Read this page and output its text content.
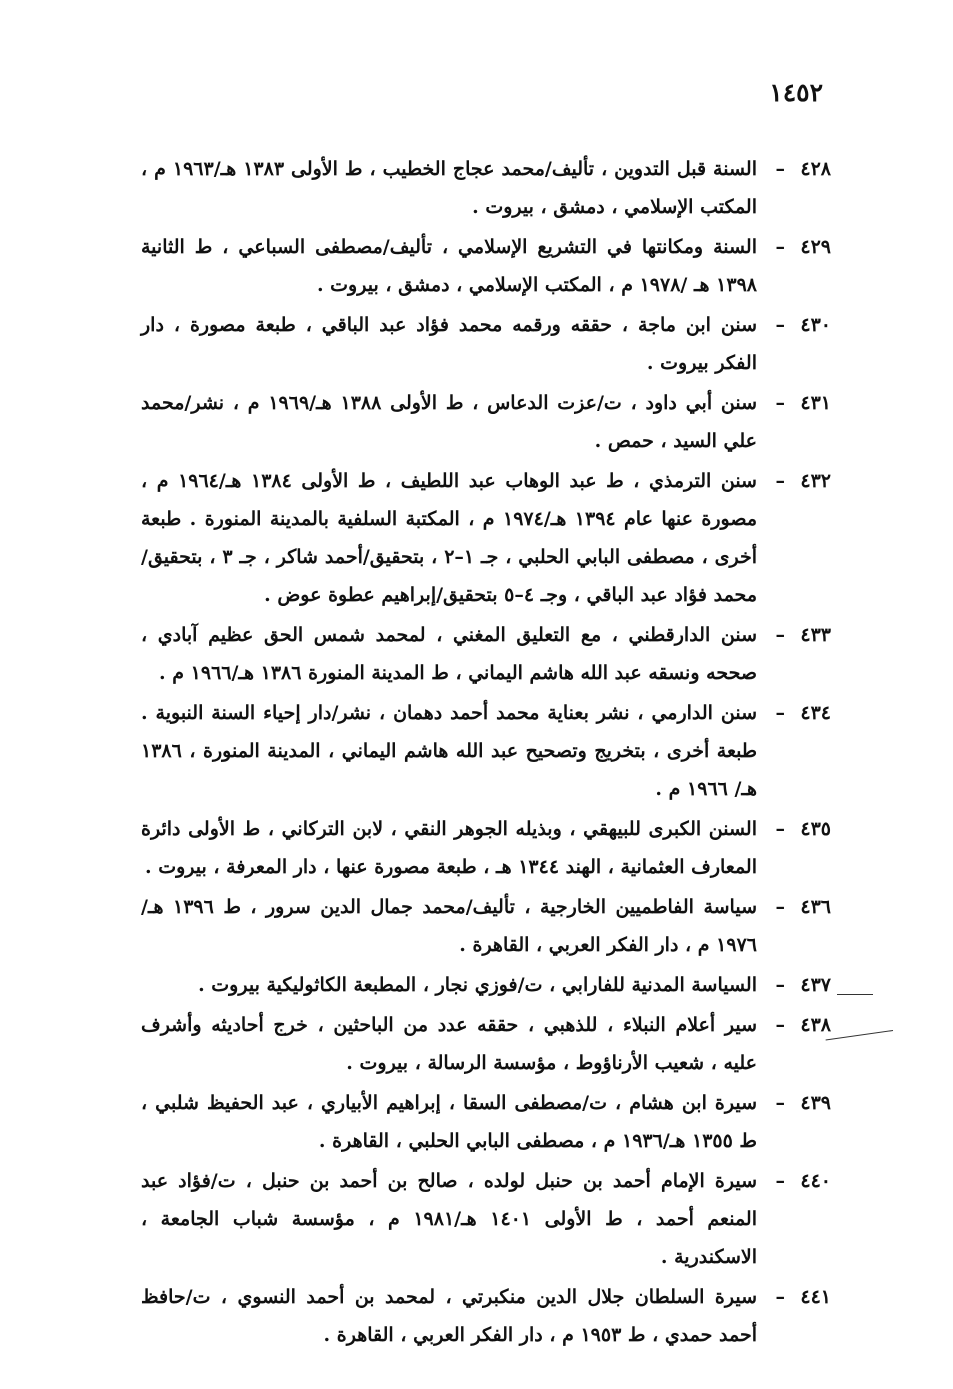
١٤٥٢
٤٢٨
–
السنة قبل التدوين ، تأليف/محمد عجاج الخطيب ، ط الأولى ١٣٨٣ هـ/١٩٦٣ م ، المكتب الإسلامي ، دمشق ، بيروت .
٤٢٩
–
السنة ومكانتها في التشريع الإسلامي ، تأليف/مصطفى السباعي ، ط الثانية ١٣٩٨ هـ /١٩٧٨ م ، المكتب الإسلامي ، دمشق ، بيروت .
٤٣٠
–
سنن ابن ماجة ، حققه ورقمه محمد فؤاد عبد الباقي ، طبعة مصورة ، دار الفكر بيروت .
٤٣١
–
سنن أبي داود ، ت/عزت الدعاس ، ط الأولى ١٣٨٨ هـ/١٩٦٩ م ، نشر/محمد علي السيد ، حمص .
٤٣٢
–
سنن الترمذي ، ط عبد الوهاب عبد اللطيف ، ط الأولى ١٣٨٤ هـ/١٩٦٤ م ، مصورة عنها عام ١٣٩٤ هـ/١٩٧٤ م ، المكتبة السلفية بالمدينة المنورة . طبعة أخرى ، مصطفى البابي الحلبي ، جـ ١–٢ ، بتحقيق/أحمد شاكر ، جـ ٣ ، بتحقيق/محمد فؤاد عبد الباقي ، وجـ ٤–٥ بتحقيق/إبراهيم عطوة عوض .
٤٣٣
–
سنن الدارقطني ، مع التعليق المغني ، لمحمد شمس الحق عظيم آبادي ، صححه ونسقه عبد الله هاشم اليماني ، ط المدينة المنورة ١٣٨٦ هـ/١٩٦٦ م .
٤٣٤
–
سنن الدارمي ، نشر بعناية محمد أحمد دهمان ، نشر/دار إحياء السنة النبوية . طبعة أخرى ، بتخريج وتصحيح عبد الله هاشم اليماني ، المدينة المنورة ، ١٣٨٦ هـ/ ١٩٦٦ م .
٤٣٥
–
السنن الكبرى للبيهقي ، وبذيله الجوهر النقي ، لابن التركاني ، ط الأولى دائرة المعارف العثمانية ، الهند ١٣٤٤ هـ ، طبعة مصورة عنها ، دار المعرفة ، بيروت .
٤٣٦
–
سياسة الفاطميين الخارجية ، تأليف/محمد جمال الدين سرور ، ط ١٣٩٦ هـ/ ١٩٧٦ م ، دار الفكر العربي ، القاهرة .
٤٣٧
–
السياسة المدنية للفارابي ، ت/فوزي نجار ، المطبعة الكاثوليكية بيروت .
٤٣٨
–
سير أعلام النبلاء ، للذهبي ، حققه عدد من الباحثين ، خرج أحاديثه وأشرف عليه ، شعيب الأرناؤوط ، مؤسسة الرسالة ، بيروت .
٤٣٩
–
سيرة ابن هشام ، ت/مصطفى السقا ، إبراهيم الأبياري ، عبد الحفيظ شلبي ، ط ١٣٥٥ هـ/١٩٣٦ م ، مصطفى البابي الحلبي ، القاهرة .
٤٤٠
–
سيرة الإمام أحمد بن حنبل لولده ، صالح بن أحمد بن حنبل ، ت/فؤاد عبد المنعم أحمد ، ط الأولى ١٤٠١ هـ/١٩٨١ م ، مؤسسة شباب الجامعة ، الاسكندرية .
٤٤١
–
سيرة السلطان جلال الدين منكبرتي ، لمحمد بن أحمد النسوي ، ت/حافظ أحمد حمدي ، ط ١٩٥٣ م ، دار الفكر العربي ، القاهرة .
